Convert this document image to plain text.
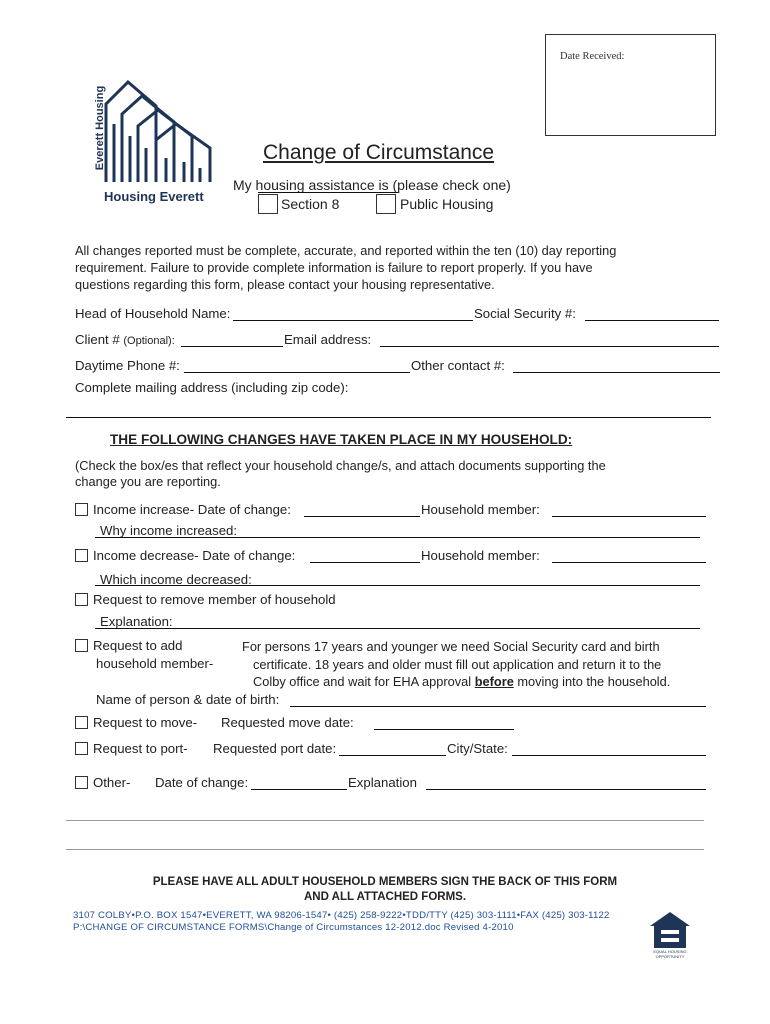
Date Received:
Everett Housing
Housing Everett
Change of Circumstance
My housing assistance is (please check one)
Section 8	Public Housing
All changes reported must be complete, accurate, and reported within the ten (10) day reporting
requirement. Failure to provide complete information is failure to report properly. If you have
questions regarding this form, please contact your housing representative.
Head of Household Name:	Social Security #:
Client # (Optional):	Email address:
Daytime Phone #:	Other contact #:
Complete mailing address (including zip code):
THE FOLLOWING CHANGES HAVE TAKEN PLACE IN MY HOUSEHOLD:
(Check the box/es that reflect your household change/s, and attach documents supporting the
change you are reporting.
Income increase- Date of change:	Household member:
Why income increased:
Income decrease- Date of change:	Household member:
Which income decreased:
Request to remove member of household
Explanation:
Request to add
household member-
For persons 17 years and younger we need Social Security card and birth
certificate. 18 years and older must fill out application and return it to the
Colby office and wait for EHA approval before moving into the household.
Name of person & date of birth:
Request to move- Requested move date:
Request to port- Requested port date:	City/State:
Other- Date of change:	Explanation
PLEASE HAVE ALL ADULT HOUSEHOLD MEMBERS SIGN THE BACK OF THIS FORM
AND ALL ATTACHED FORMS.
3107 COLBY•P.O. BOX 1547•EVERETT, WA 98206-1547• (425) 258-9222•TDD/TTY (425) 303-1111•FAX (425) 303-1122
P:\CHANGE OF CIRCUMSTANCE FORMS\Change of Circumstances 12-2012.doc Revised 4-2010
EQUAL HOUSING OPPORTUNITY
